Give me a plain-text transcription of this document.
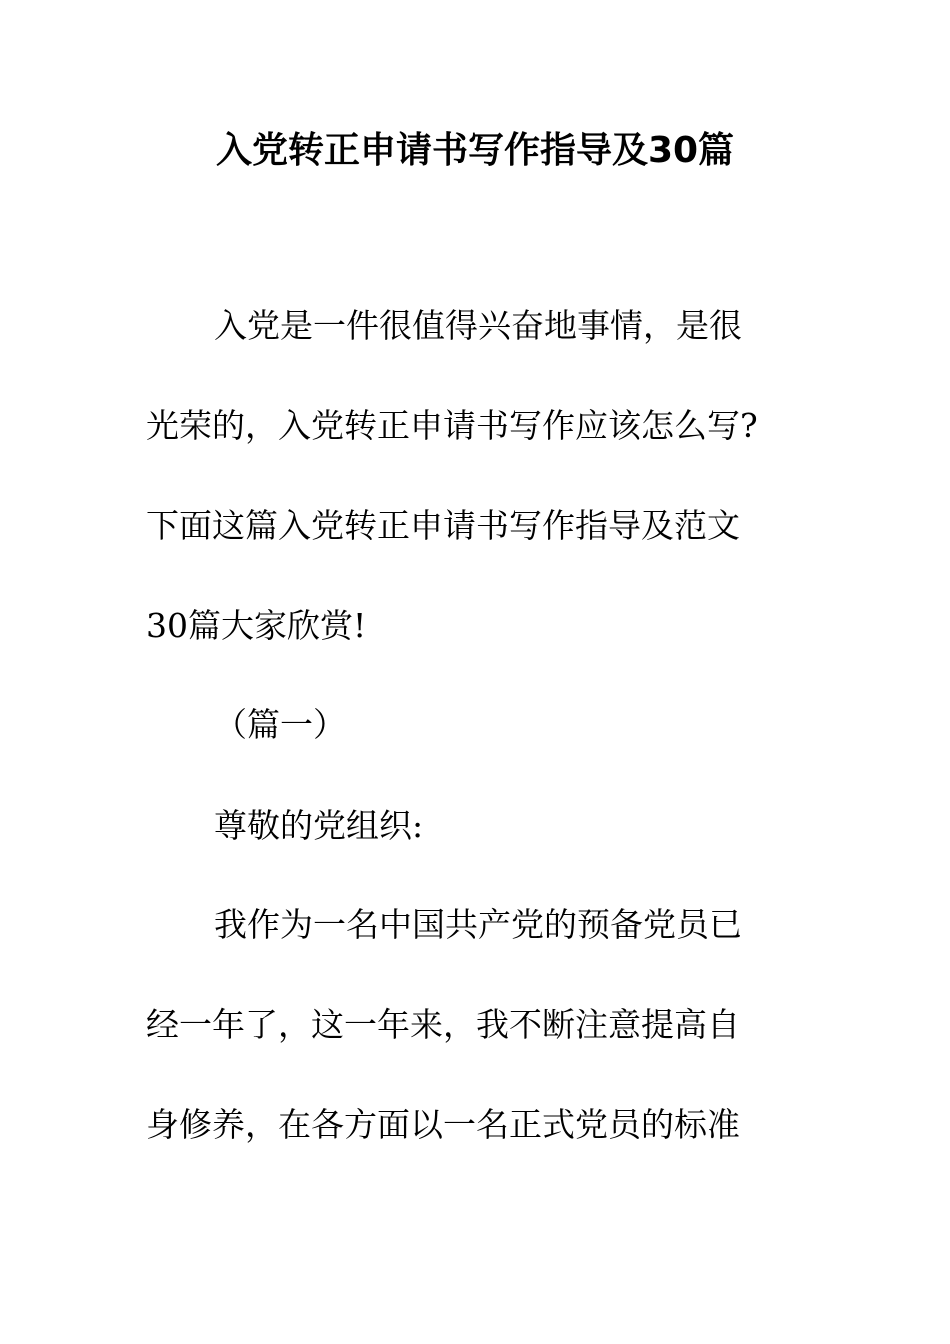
入党转正申请书写作指导及30篇
入党是一件很值得兴奋地事情，是很
光荣的，入党转正申请书写作应该怎么写?
下面这篇入党转正申请书写作指导及范文
30篇大家欣赏!
（篇一）
尊敬的党组织:
我作为一名中国共产党的预备党员已
经一年了，这一年来，我不断注意提高自
身修养，在各方面以一名正式党员的标准
